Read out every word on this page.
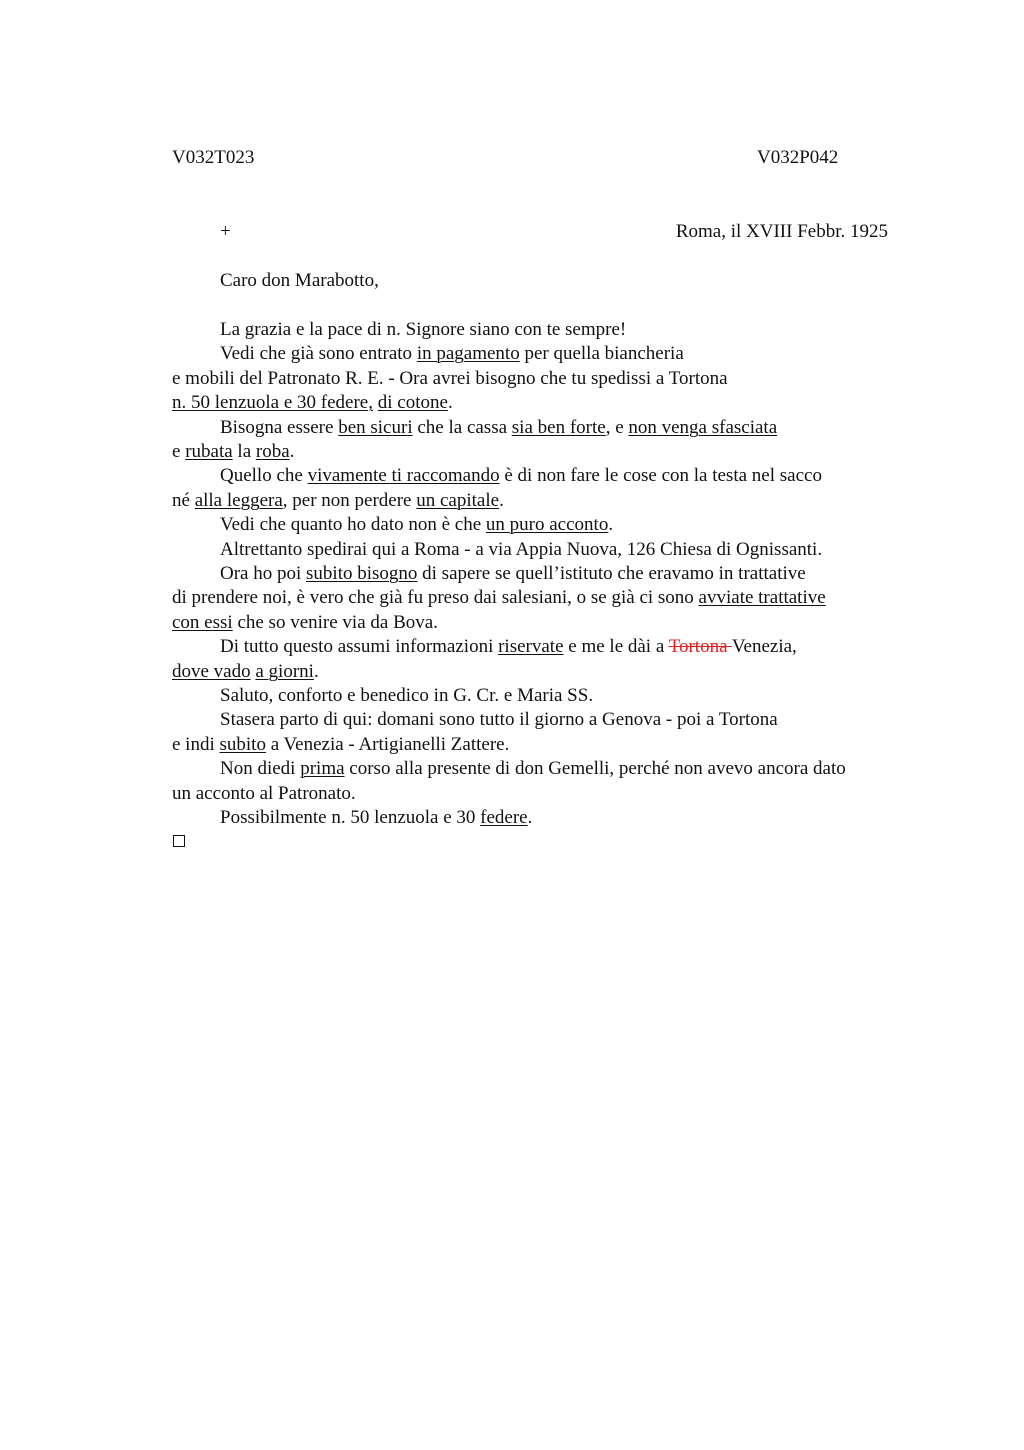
V032T023	V032P042
+	Roma, il XVIII Febbr. 1925
Caro don Marabotto,
La grazia e la pace di n. Signore siano con te sempre!
Vedi che già sono entrato in pagamento per quella biancheria
e mobili del Patronato R. E. - Ora avrei bisogno che tu spedissi a Tortona
n. 50 lenzuola e 30 federe, di cotone.
Bisogna essere ben sicuri che la cassa sia ben forte, e non venga sfasciata
e rubata la roba.
Quello che vivamente ti raccomando è di non fare le cose con la testa nel sacco
né alla leggera, per non perdere un capitale.
Vedi che quanto ho dato non è che un puro acconto.
Altrettanto spedirai qui a Roma - a via Appia Nuova, 126 Chiesa di Ognissanti.
Ora ho poi subito bisogno di sapere se quell’istituto che eravamo in trattative
di prendere noi, è vero che già fu preso dai salesiani, o se già ci sono avviate trattative
con essi che so venire via da Bova.
Di tutto questo assumi informazioni riservate e me le dài a Tortona Venezia,
dove vado a giorni.
Saluto, conforto e benedico in G. Cr. e Maria SS.
Stasera parto di qui: domani sono tutto il giorno a Genova - poi a Tortona
e indi subito a Venezia - Artigianelli Zattere.
Non diedi prima corso alla presente di don Gemelli, perché non avevo ancora dato
un acconto al Patronato.
Possibilmente n. 50 lenzuola e 30 federe.
